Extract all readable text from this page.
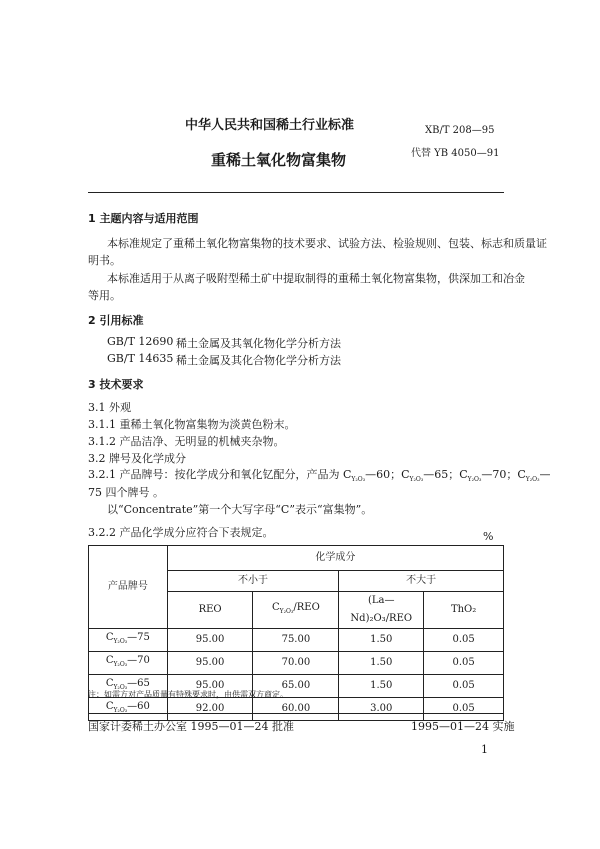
中华人民共和国稀土行业标准	XB/T 208—95
代替 YB 4050—91
重稀土氧化物富集物
1 主题内容与适用范围
本标准规定了重稀土氧化物富集物的技术要求、试验方法、检验规则、包装、标志和质量证
明书。
本标准适用于从离子吸附型稀土矿中提取制得的重稀土氧化物富集物，供深加工和冶金
等用。
2 引用标准
GB/T 12690 稀土金属及其氧化物化学分析方法
GB/T 14635 稀土金属及其化合物化学分析方法
3 技术要求
3.1 外观
3.1.1 重稀土氧化物富集物为淡黄色粉末。
3.1.2 产品洁净、无明显的机械夹杂物。
3.2 牌号及化学成分
3.2.1 产品牌号：按化学成分和氧化钇配分，产品为 $C_{Y_2O_3}—60$；$C_{Y_2O_3}—65$；$C_{Y_2O_3}—70$；$C_{Y_2O_3}—$
75 四个牌号 。
以“Concentrate”第一个大写字母“C”表示“富集物”。
3.2.2 产品化学成分应符合下表规定。	%
产品牌号	化学成分			
	不小于		不大于	
	REO	$C_{Y_2O_3}$/REO	(La—Nd)₂O₃/REO	ThO₂
$C_{Y_2O_3}—75$	95.00	75.00	1.50	0.05
$C_{Y_2O_3}—70$	95.00	70.00	1.50	0.05
$C_{Y_2O_3}—65$	95.00	65.00	1.50	0.05
$C_{Y_2O_3}—60$	92.00	60.00	3.00	0.05
注：如需方对产品质量有特殊要求时，由供需双方商定。
国家计委稀土办公室 1995—01—24 批准	1995—01—24 实施
1
